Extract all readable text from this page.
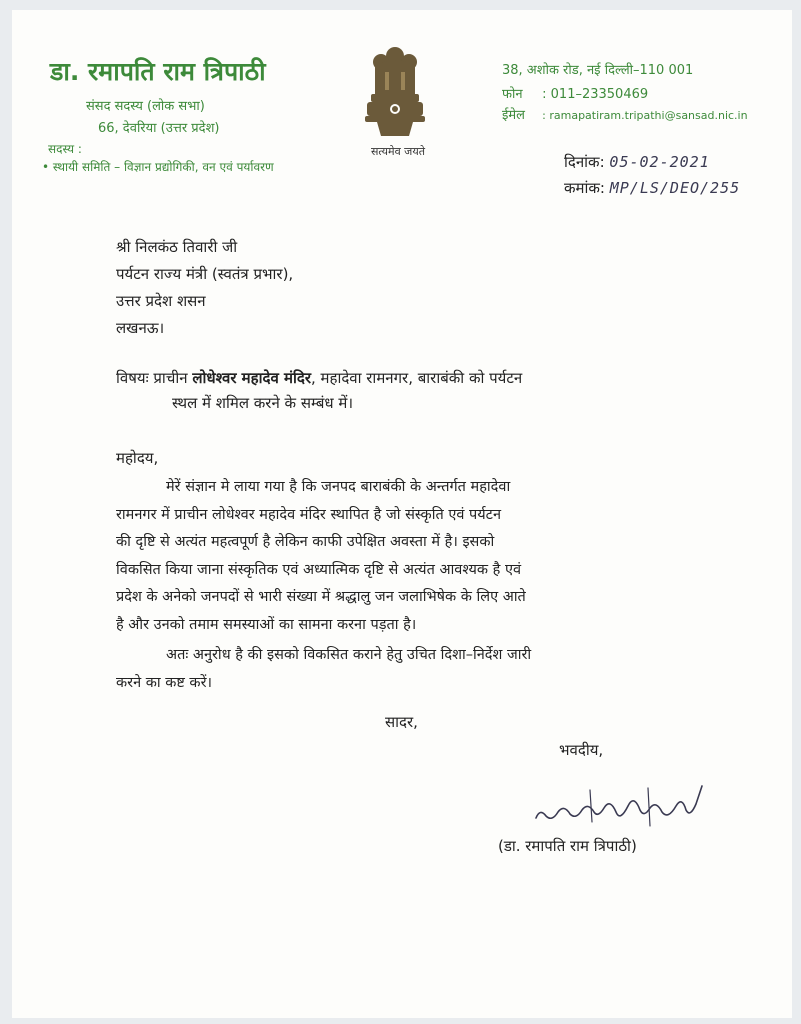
डा. रमापति राम त्रिपाठी
संसद सदस्य (लोक सभा)
66, देवरिया (उत्तर प्रदेश)
सदस्य :
• स्थायी समिति – विज्ञान प्रद्योगिकी, वन एवं पर्यावरण
सत्यमेव जयते
38, अशोक रोड, नई दिल्ली–110 001
फोन : 011–23350469
ईमेल : ramapatiram.tripathi@sansad.nic.in
दिनांक: 05-02-2021
कमांक: MP/LS/DEO/255
श्री निलकंठ तिवारी जी
पर्यटन राज्य मंत्री (स्वतंत्र प्रभार),
उत्तर प्रदेश शसन
लखनऊ।
विषयः प्राचीन लोधेश्वर महादेव मंदिर, महादेवा रामनगर, बाराबंकी को पर्यटन
स्थल में शमिल करने के सम्बंध में।
महोदय,
मेरें संज्ञान मे लाया गया है कि जनपद बाराबंकी के अन्तर्गत महादेवा
रामनगर में प्राचीन लोधेश्वर महादेव मंदिर स्थापित है जो संस्कृति एवं पर्यटन
की दृष्टि से अत्यंत महत्वपूर्ण है लेकिन काफी उपेक्षित अवस्ता में है। इसको
विकसित किया जाना संस्कृतिक एवं अध्यात्मिक दृष्टि से अत्यंत आवश्यक है एवं
प्रदेश के अनेको जनपदों से भारी संख्या में श्रद्धालु जन जलाभिषेक के लिए आते
है और उनको तमाम समस्याओं का सामना करना पड़ता है।
अतः अनुरोध है की इसको विकसित कराने हेतु उचित दिशा–निर्देश जारी
करने का कष्ट करें।
सादर,
भवदीय,
(डा. रमापति राम त्रिपाठी)
